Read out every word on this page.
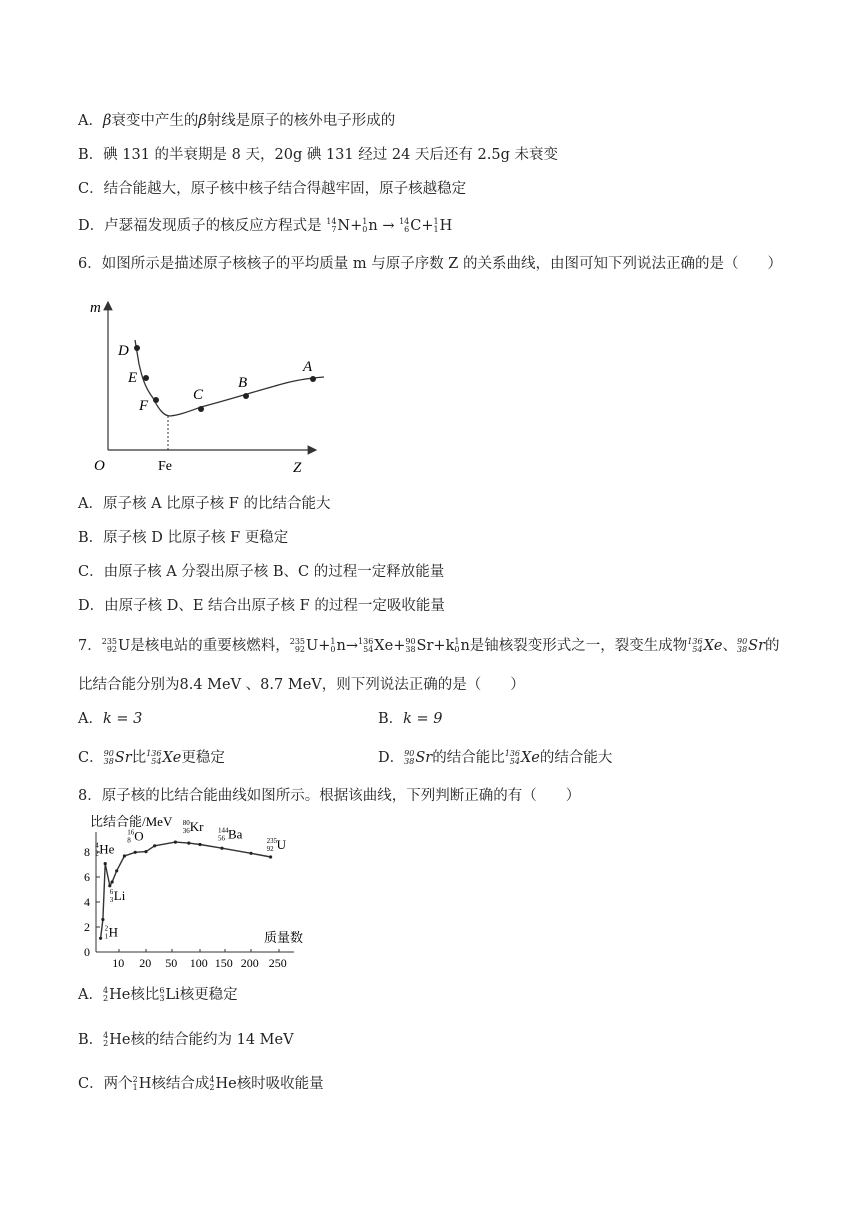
A．β衰变中产生的β射线是原子的核外电子形成的
B．碘 131 的半衰期是 8 天，20g 碘 131 经过 24 天后还有 2.5g 未衰变
C．结合能越大，原子核中核子结合得越牢固，原子核越稳定
D．卢瑟福发现质子的核反应方程式是 14
7 N + 1
0 n → 14
6 C + 1
1 H
6．如图所示是描述原子核核子的平均质量 m 与原子序数 Z 的关系曲线，由图可知下列说法正确的是（　　）
m
Z
O	Fe
D
E
F
C
B
A
A．原子核 A 比原子核 F 的比结合能大
B．原子核 D 比原子核 F 更稳定
C．由原子核 A 分裂出原子核 B、C 的过程一定释放能量
D．由原子核 D、E 结合出原子核 F 的过程一定吸收能量
7． 235
92 U 是核电站的重要核燃料， 235
92 U + 1
0 n → 136
54 Xe + 90
38 Sr +k 1
0 n 是铀核裂变形式之一，裂变生成物 136
54 Xe 、 90
38 Sr 的
比结合能分别为8.4 MeV 、8.7 MeV，则下列说法正确的是（　　）
A．k = 3	B．k = 9
C． 90
38 Sr 比 136
54 Xe 更稳定	D． 90
38 Sr 的结合能比 136
54 Xe 的结合能大
8．原子核的比结合能曲线如图所示。根据该曲线，下列判断正确的有（　　）
比结合能/MeV
质量数
0
2
4
6
8
10 20 50 100 150 200 250
2
1 H
4
2 He
6
3 Li
16
8 O
80
36 Kr 144
56 Ba	235
92 U
A． 4
2 He 核比 6
3 Li 核更稳定
B． 4
2 He 核的结合能约为 14 MeV
C．两个 2
1 H 核结合成 4
2 He 核时吸收能量
